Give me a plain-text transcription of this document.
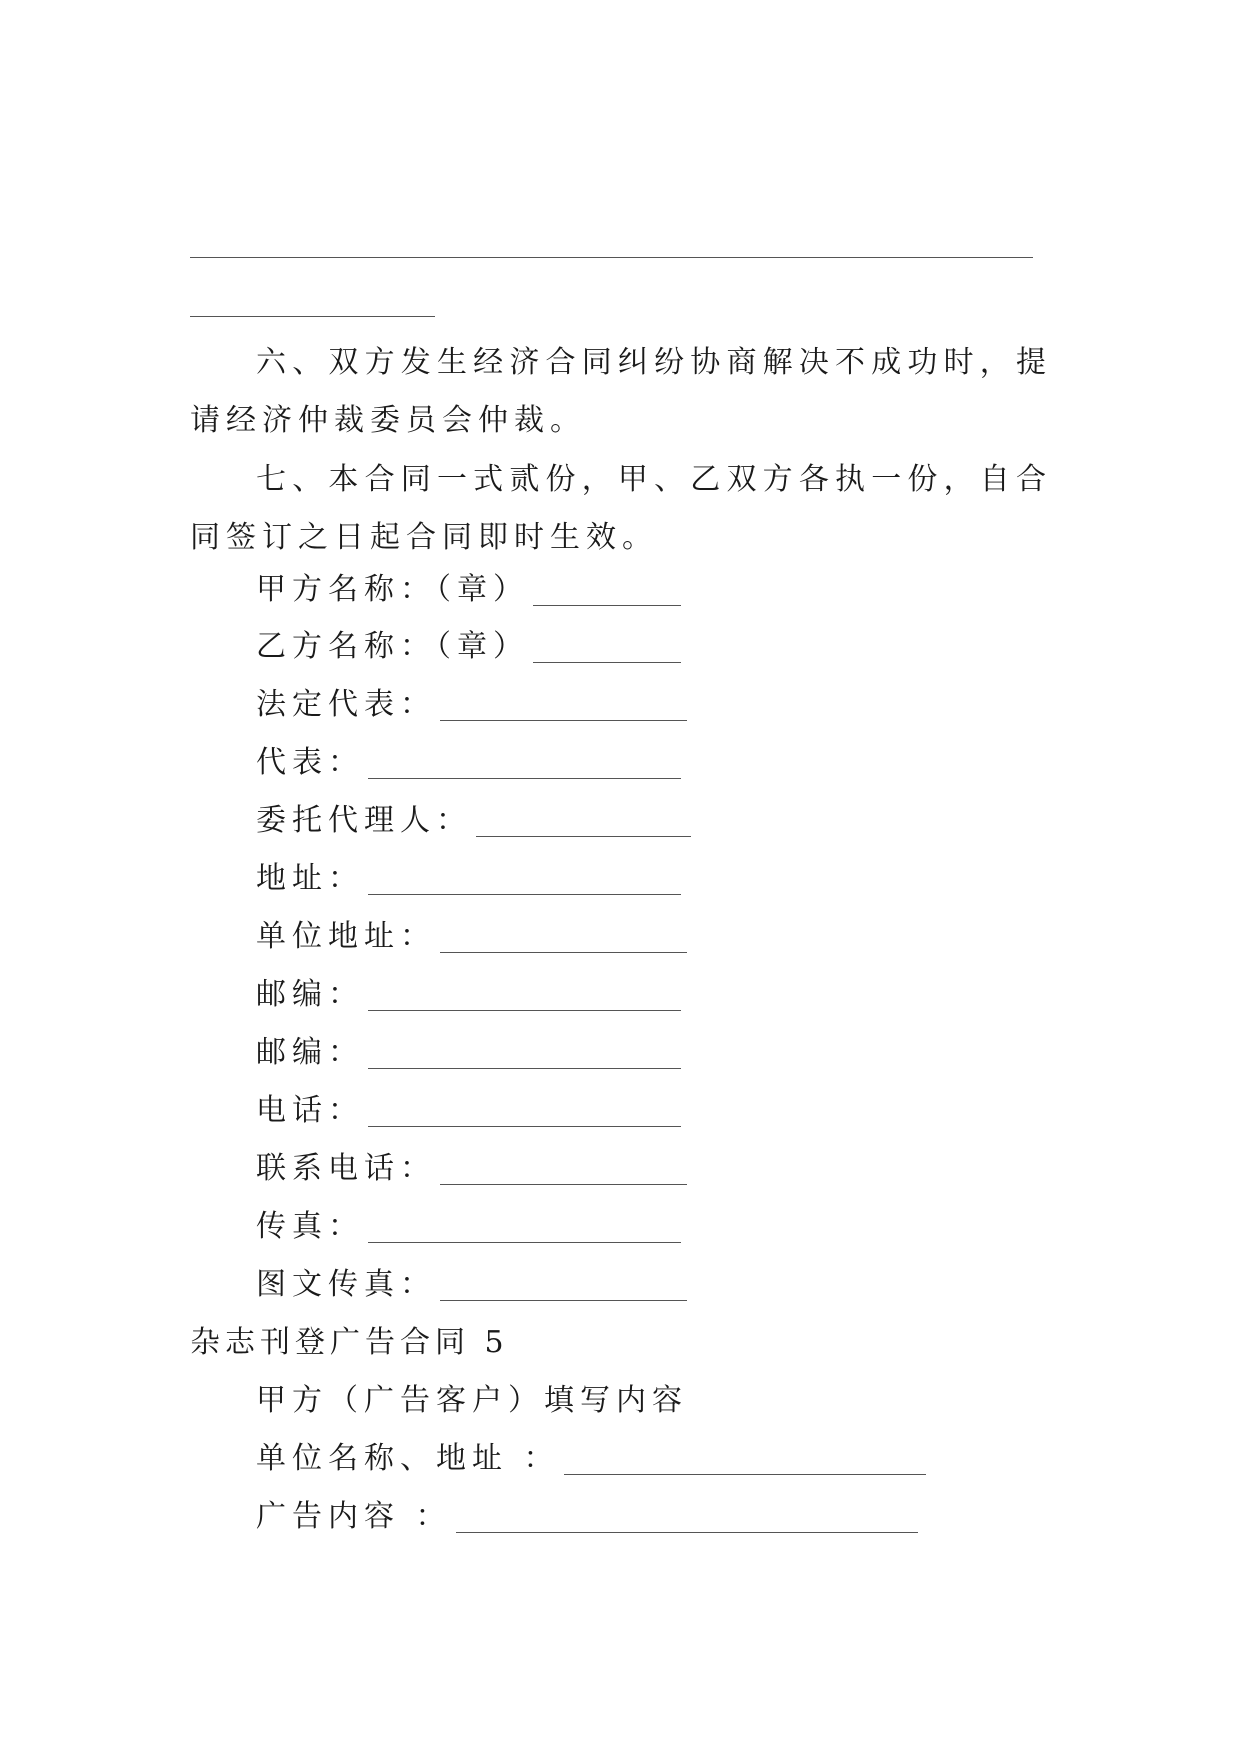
六、双方发生经济合同纠纷协商解决不成功时，提请经济仲裁委员会仲裁。

七、本合同一式贰份，甲、乙双方各执一份，自合同签订之日起合同即时生效。

甲方名称：（章）
乙方名称：（章）
法定代表：
代表：
委托代理人：
地址：
单位地址：
邮编：
邮编：
电话：
联系电话：
传真：
图文传真：
杂志刊登广告合同 5
甲方（广告客户）填写内容
单位名称、地址 ：
广告内容 ：
